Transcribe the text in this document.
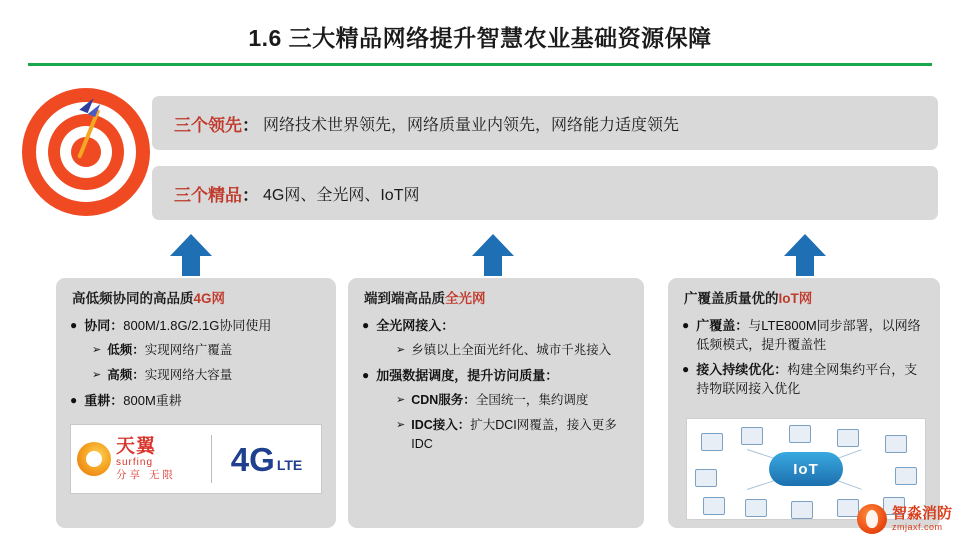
1.6 三大精品网络提升智慧农业基础资源保障
三个领先 ： 网络技术世界领先，网络质量业内领先，网络能力适度领先
三个精品 ： 4G网、全光网、IoT网
高低频协同的高品质4G网
● 协同：800M/1.8G/2.1G协同使用
➢ 低频：实现网络广覆盖
➢ 高频：实现网络大容量
● 重耕：800M重耕
天翼
surfing
分享 无限 4G LTE
端到端高品质全光网
● 全光网接入：
➢ 乡镇以上全面光纤化、城市千兆接入
● 加强数据调度，提升访问质量：
➢ CDN服务：全国统一，集约调度
➢ IDC接入：扩大DCI网覆盖，接入更多IDC
广覆盖质量优的IoT网
● 广覆盖：与LTE800M同步部署，以网络低频模式，提升覆盖性
● 接入持续优化：构建全网集约平台，支持物联网接入优化
IoT
智淼消防
zmjaxf.com
